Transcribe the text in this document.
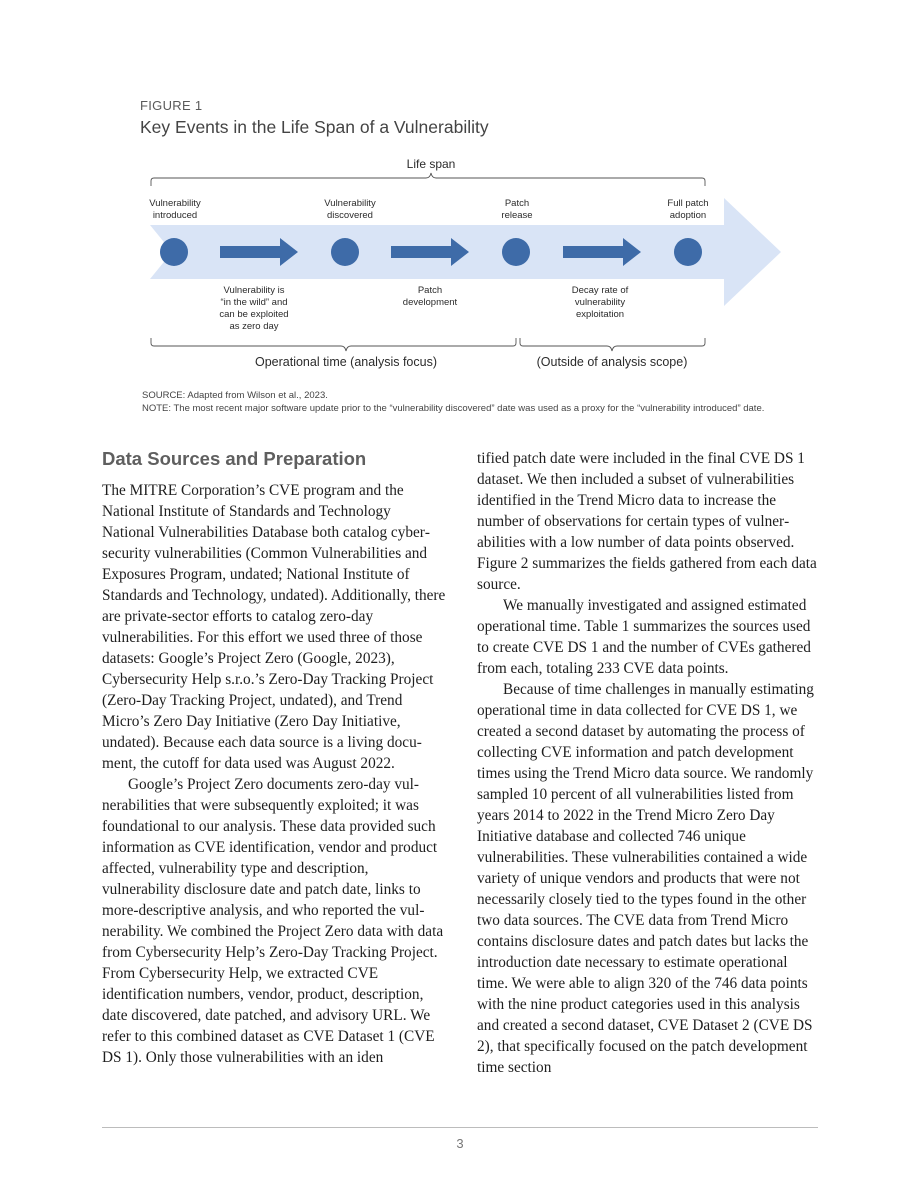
FIGURE 1
Key Events in the Life Span of a Vulnerability
Life span
Vulnerability
introduced
Vulnerability
discovered
Patch
release
Full patch
adoption
Vulnerability is
“in the wild” and
can be exploited
as zero day
Patch
development
Decay rate of
vulnerability
exploitation
Operational time (analysis focus)	(Outside of analysis scope)
SOURCE: Adapted from Wilson et al., 2023.
NOTE: The most recent major software update prior to the “vulnerability discovered” date was used as a proxy for the “vulnerability introduced” date.
Data Sources and Preparation

The MITRE Corporation’s CVE program and the National Institute of Standards and Technology National Vulnerabilities Database both catalog cybersecurity vulnerabilities (Common Vulnerabilities and Exposures Program, undated; National Institute of Standards and Technology, undated). Additionally, there are private-sector efforts to catalog zero-day vulnerabilities. For this effort we used three of those datasets: Google’s Project Zero (Google, 2023), Cybersecurity Help s.r.o.’s Zero-Day Tracking Project (Zero-Day Tracking Project, undated), and Trend Micro’s Zero Day Initiative (Zero Day Initiative, undated). Because each data source is a living document, the cutoff for data used was August 2022.

Google’s Project Zero documents zero-day vulnerabilities that were subsequently exploited; it was foundational to our analysis. These data provided such information as CVE identification, vendor and product affected, vulnerability type and description, vulnerability disclosure date and patch date, links to more-descriptive analysis, and who reported the vulnerability. We combined the Project Zero data with data from Cybersecurity Help’s Zero-Day Tracking Project. From Cybersecurity Help, we extracted CVE identification numbers, vendor, product, description, date discovered, date patched, and advisory URL. We refer to this combined dataset as CVE Dataset 1 (CVE DS 1). Only those vulnerabilities with an iden

tified patch date were included in the final CVE DS 1 dataset. We then included a subset of vulnerabilities identified in the Trend Micro data to increase the number of observations for certain types of vulnerabilities with a low number of data points observed. Figure 2 summarizes the fields gathered from each data source.

We manually investigated and assigned estimated operational time. Table 1 summarizes the sources used to create CVE DS 1 and the number of CVEs gathered from each, totaling 233 CVE data points.

Because of time challenges in manually estimating operational time in data collected for CVE DS 1, we created a second dataset by automating the process of collecting CVE information and patch development times using the Trend Micro data source. We randomly sampled 10 percent of all vulnerabilities listed from years 2014 to 2022 in the Trend Micro Zero Day Initiative database and collected 746 unique vulnerabilities. These vulnerabilities contained a wide variety of unique vendors and products that were not necessarily closely tied to the types found in the other two data sources. The CVE data from Trend Micro contains disclosure dates and patch dates but lacks the introduction date necessary to estimate operational time. We were able to align 320 of the 746 data points with the nine product categories used in this analysis and created a second dataset, CVE Dataset 2 (CVE DS 2), that specifically focused on the patch development time section

3
